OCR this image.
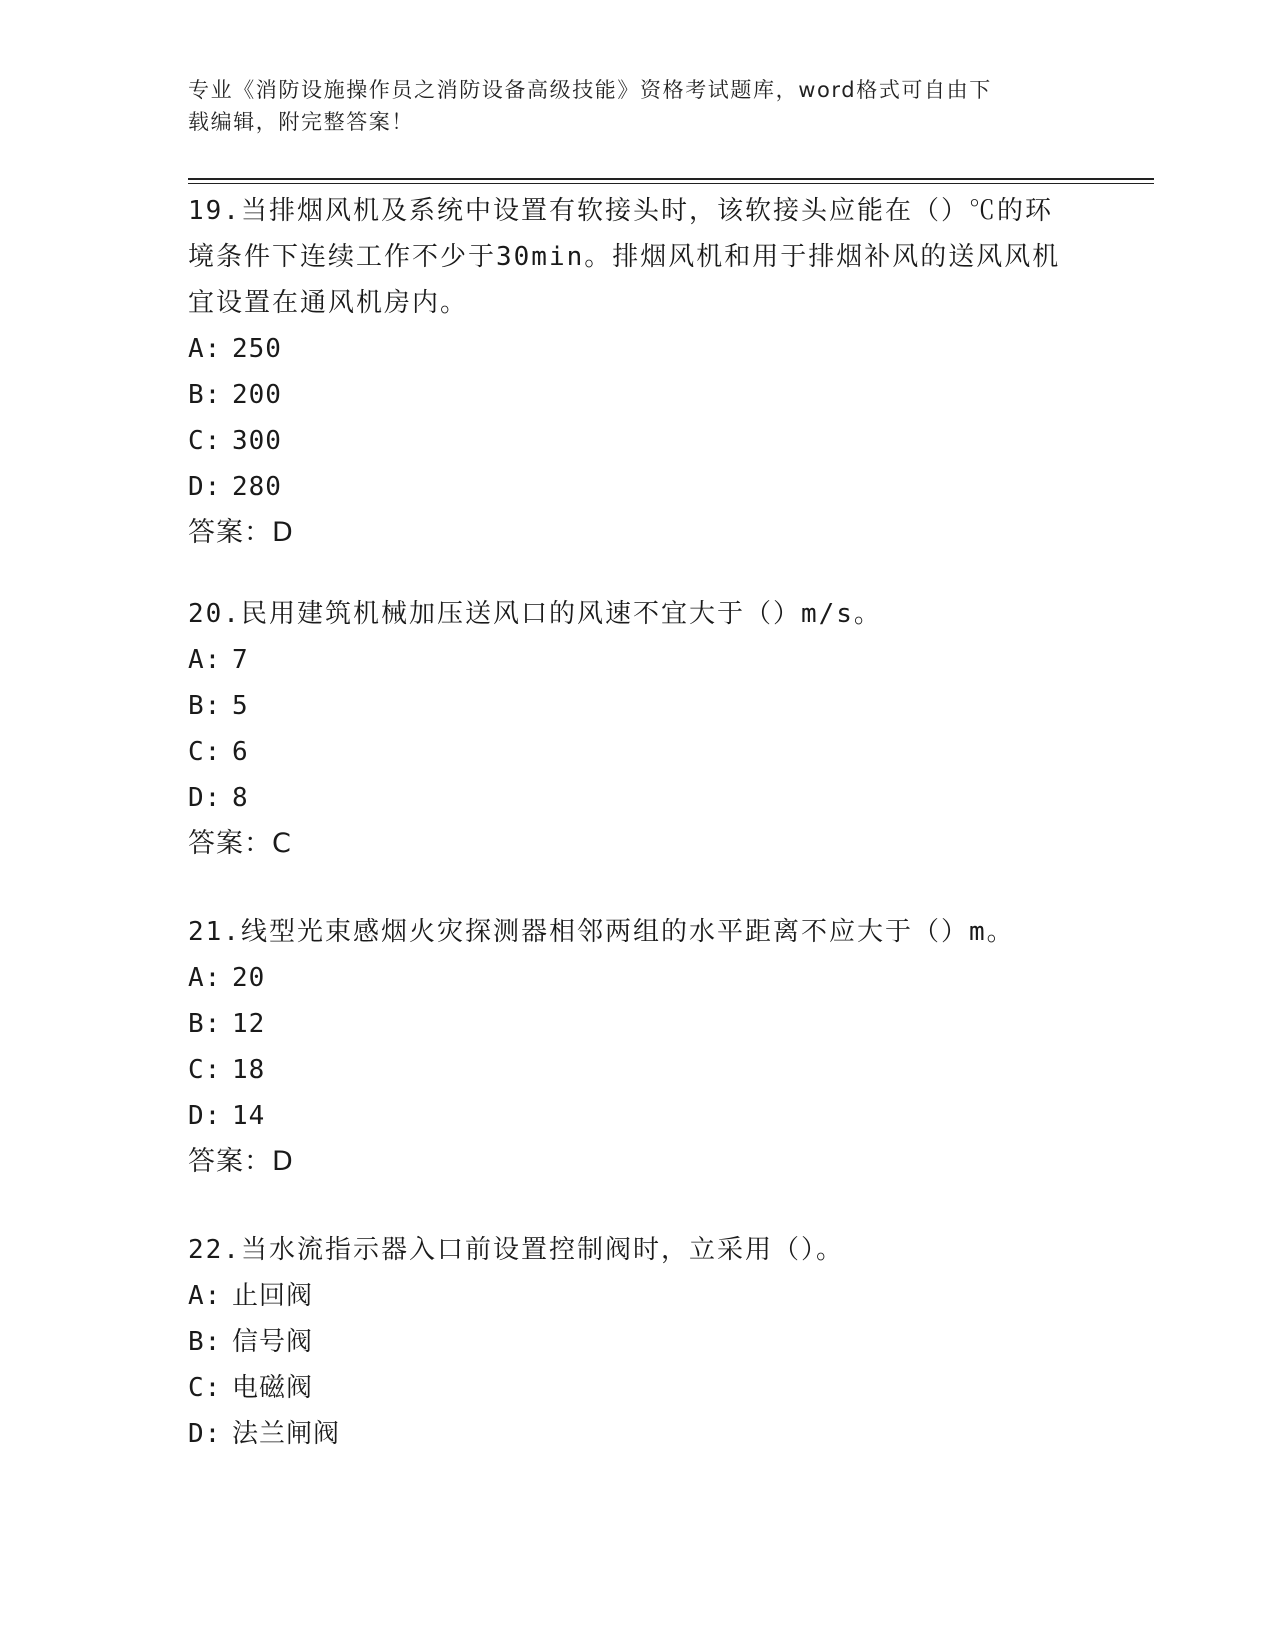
专业《消防设施操作员之消防设备高级技能》资格考试题库，word格式可自由下
载编辑，附完整答案！

19.当排烟风机及系统中设置有软接头时，该软接头应能在（）℃的环

境条件下连续工作不少于30min。排烟风机和用于排烟补风的送风风机

宜设置在通风机房内。

A: 250

B: 200

C: 300

D: 280

答案：D

20.民用建筑机械加压送风口的风速不宜大于（）m/s。

A: 7

B: 5

C: 6

D: 8

答案：C

21.线型光束感烟火灾探测器相邻两组的水平距离不应大于（）m。

A: 20

B: 12

C: 18

D: 14

答案：D

22.当水流指示器入口前设置控制阀时，立采用（）。

A: 止回阀

B: 信号阀

C: 电磁阀

D: 法兰闸阀
